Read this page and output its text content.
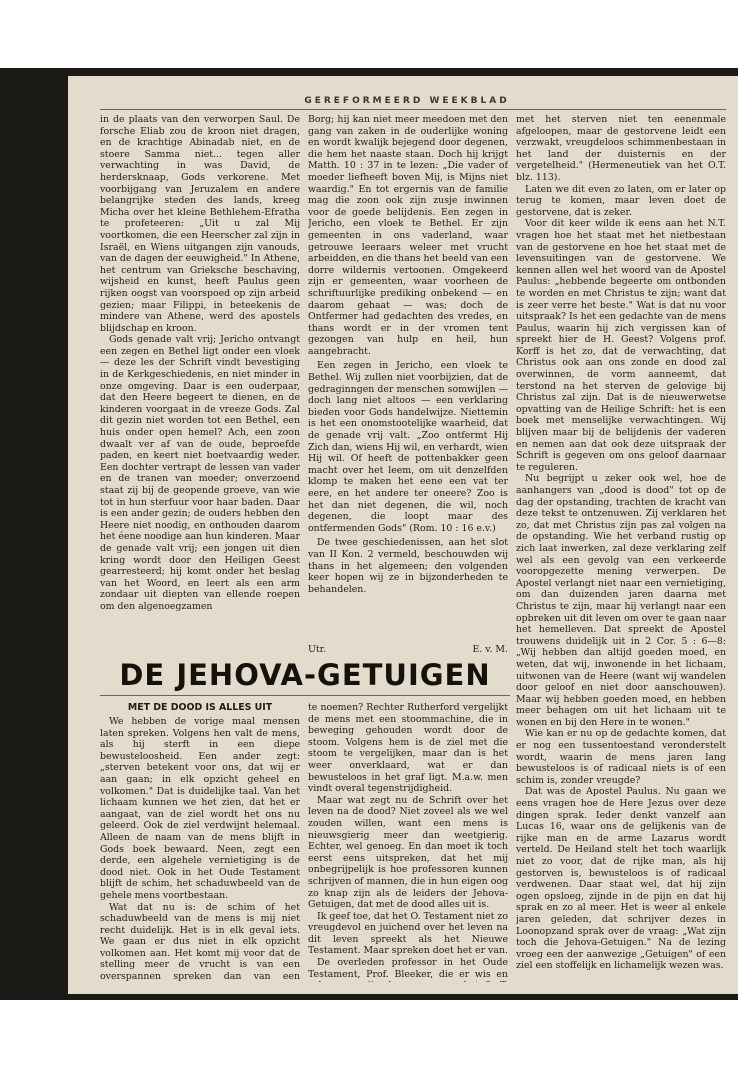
GEREFORMEERD WEEKBLAD

in de plaats van den verworpen Saul. De forsche Eliab zou de kroon niet dragen, en de krachtige Abinadab niet, en de stoere Samma niet... tegen aller verwachting in was David, de herdersknaap, Gods verkorene. Met voorbijgang van Jeruzalem en andere belangrijke steden des lands, kreeg Micha over het kleine Bethlehem-Efratha te profeteeren: „Uit u zal Mij voortkomen, die een Heerscher zal zijn in Israël, en Wiens uitgangen zijn vanouds, van de dagen der eeuwigheid." In Athene, het centrum van Grieksche beschaving, wijsheid en kunst, heeft Paulus geen rijken oogst van voorspoed op zijn arbeid gezien; maar Filippi, in beteekenis de mindere van Athene, werd des apostels blijdschap en kroon.

Gods genade valt vrij; Jericho ontvangt een zegen en Bethel ligt onder een vloek — deze les der Schrift vindt bevestiging in de Kerkgeschiedenis, en niet minder in onze omgeving. Daar is een ouderpaar, dat den Heere begeert te dienen, en de kinderen voorgaat in de vreeze Gods. Zal dit gezin niet worden tot een Bethel, een huis onder open hemel? Ach, een zoon dwaalt ver af van de oude, beproefde paden, en keert niet boetvaardig weder. Een dochter vertrapt de lessen van vader en de tranen van moeder; onverzoend staat zij bij de geopende groeve, van wie tot in hun sterfuur voor haar baden. Daar is een ander gezin; de ouders hebben den Heere niet noodig, en onthouden daarom het éene noodige aan hun kinderen. Maar de genade valt vrij; een jongen uit dien kring wordt door den Heiligen Geest gearresteerd; hij komt onder het beslag van het Woord, en leert als een arm zondaar uit diepten van ellende roepen om den algenoegzamen

Borg; hij kan niet meer meedoen met den gang van zaken in de ouderlijke woning en wordt kwalijk bejegend door degenen, die hem het naaste staan. Doch hij krijgt Matth. 10 : 37 in te lezen: „Die vader of moeder liefheeft boven Mij, is Mijns niet waardig." En tot ergernis van de familie mag die zoon ook zijn zusje inwinnen voor de goede belijdenis. Een zegen in Jericho, een vloek te Bethel. Er zijn gemeenten in ons vaderland, waar getrouwe leeraars weleer met vrucht arbeidden, en die thans het beeld van een dorre wildernis vertoonen. Omgekeerd zijn er gemeenten, waar voorheen de schriftuurlijke prediking onbekend — en daarom gehaat — was; doch de Ontfermer had gedachten des vredes, en thans wordt er in der vromen tent gezongen van hulp en heil, hun aangebracht.

Een zegen in Jericho, een vloek te Bethel. Wij zullen niet voorbijzien, dat de gedraginngen der menschen somwijlen — doch lang niet altoos — een verklaring bieden voor Gods handelwijze. Niettemin is het een onomstootelijke waarheid, dat de genade vrij valt. „Zoo ontfermt Hij Zich dan, wiens Hij wil, en verhardt, wien Hij wil. Of heeft de pottenbakker geen macht over het leem, om uit denzelfden klomp te maken het eene een vat ter eere, en het andere ter oneere? Zoo is het dan niet degenen, die wil, noch degenen, die loopt maar des ontfermenden Gods" (Rom. 10 : 16 e.v.)

De twee geschiedenissen, aan het slot van II Kon. 2 vermeld, beschouwden wij thans in het algemeen; den volgenden keer hopen wij ze in bijzonderheden te behandelen.

Utr.	E. v. M.

met het sterven niet ten eenenmale afgeloopen, maar de gestorvene leidt een verzwakt, vreugdeloos schimmenbestaan in het land der duisternis en der vergetelheid." (Hermeneutiek van het O.T. blz. 113).

Laten we dit even zo laten, om er later op terug te komen, maar leven doet de gestorvene, dat is zeker.

Voor dit keer wilde ik eens aan het N.T. vragen hoe het staat met het nietbestaan van de gestorvene en hoe het staat met de levensuitingen van de gestorvene. We kennen allen wel het woord van de Apostel Paulus: „hebbende begeerte om ontbonden te worden en met Christus te zijn; want dat is zeer verre het beste." Wat is dat nu voor uitspraak? Is het een gedachte van de mens Paulus, waarin hij zich vergissen kan of spreekt hier de H. Geest? Volgens prof. Korff is het zo, dat de verwachting, dat Christus ook aan ons zonde en dood zal overwinnen, de vorm aanneemt, dat terstond na het sterven de gelovige bij Christus zal zijn. Dat is de nieuwerwetse opvatting van de Heilige Schrift: het is een boek met menselijke verwachtingen. Wij blijven maar bij de belijdenis der vaderen en nemen aan dat ook deze uitspraak der Schrift is gegeven om ons geloof daarnaar te reguleren.

Nu begrijpt u zeker ook wel, hoe de aanhangers van „dood is dood" tot op de dag der opstanding, trachten de kracht van deze tekst te ontzenuwen. Zij verklaren het zo, dat met Christus zijn pas zal volgen na de opstanding. Wie het verband rustig op zich laat inwerken, zal deze verklaring zelf wel als een gevolg van een verkeerde vooropgezette mening verwerpen. De Apostel verlangt niet naar een vernietiging, om dan duizenden jaren daarna met Christus te zijn, maar hij verlangt naar een opbreken uit dit leven om over te gaan naar het hemelleven. Dat spreekt de Apostel trouwens duidelijk uit in 2 Cor. 5 : 6—8: „Wij hebben dan altijd goeden moed, en weten, dat wij, inwonende in het lichaam, uitwonen van de Heere (want wij wandelen door geloof en niet door aanschouwen). Maar wij hebben goeden moed, en hebben meer behagen om uit het lichaam uit te wonen en bij den Here in te wonen."

Wie kan er nu op de gedachte komen, dat er nog een tussentoestand veronderstelt wordt, waarin de mens jaren lang bewusteloos is of radicaal niets is of een schim is, zonder vreugde?

Dat was de Apostel Paulus. Nu gaan we eens vragen hoe de Here Jezus over deze dingen sprak. Ieder denkt vanzelf aan Lucas 16, waar ons de gelijkenis van de rijke man en de arme Lazarus wordt verteld. De Heiland stelt het toch waarlijk niet zo voor, dat de rijke man, als hij gestorven is, bewusteloos is of radicaal verdwenen. Daar staat wel, dat hij zijn ogen opsloeg, zijnde in de pijn en dat hij sprak en zo al meer. Het is weer al enkele jaren geleden, dat schrijver dezes in Loonopzand sprak over de vraag: „Wat zijn toch die Jehova-Getuigen." Na de lezing vroeg een der aanwezige „Getuigen" of een ziel een stoffelijk en lichamelijk wezen was.

DE JEHOVA-GETUIGEN
MET DE DOOD IS ALLES UIT

We hebben de vorige maal mensen laten spreken. Volgens hen valt de mens, als hij sterft in een diepe bewusteloosheid. Een ander zegt: „sterven betekent voor ons, dat wij er aan gaan; in elk opzicht geheel en volkomen." Dat is duidelijke taal. Van het lichaam kunnen we het zien, dat het er aangaat, van de ziel wordt het ons nu geleerd. Ook de ziel verdwijnt helemaal. Alleen de naam van de mens blijft in Gods boek bewaard. Neen, zegt een derde, een algehele vernietiging is de dood niet. Ook in het Oude Testament blijft de schim, het schaduwbeeld van de gehele mens voortbestaan.

Wat dat nu is: de schim of het schaduwbeeld van de mens is mij niet recht duidelijk. Het is in elk geval iets. We gaan er dus niet in elk opzicht volkomen aan. Het komt mij voor dat de stelling meer de vrucht is van een overspannen spreken dan van een

te noemen? Rechter Rutherford vergelijkt de mens met een stoommachine, die in beweging gehouden wordt door de stoom. Volgens hem is de ziel met die stoom te vergelijken, maar dan is het weer onverklaard, wat er dan bewusteloos in het graf ligt. M.a.w. men vindt overal tegenstrijdigheid.

Maar wat zegt nu de Schrift over het leven na de dood? Niet zoveel als we wel zouden willen, want een mens is nieuwsgierig meer dan weetgierig. Echter, wel genoeg. En dan moet ik toch eerst eens uitspreken, dat het mij onbegrijpelijk is hoe professoren kunnen schrijven of mannen, die in hun eigen oog zo knap zijn als de leiders der Jehova-Getuigen, dat met de dood alles uit is.

Ik geef toe, dat het O. Testament niet zo vreugdevol en juichend over het leven na dit leven spreekt als het Nieuwe Testament. Maar spreken doet het er van.

De overleden professor in het Oude Testament, Prof. Bleeker, die er wis en
